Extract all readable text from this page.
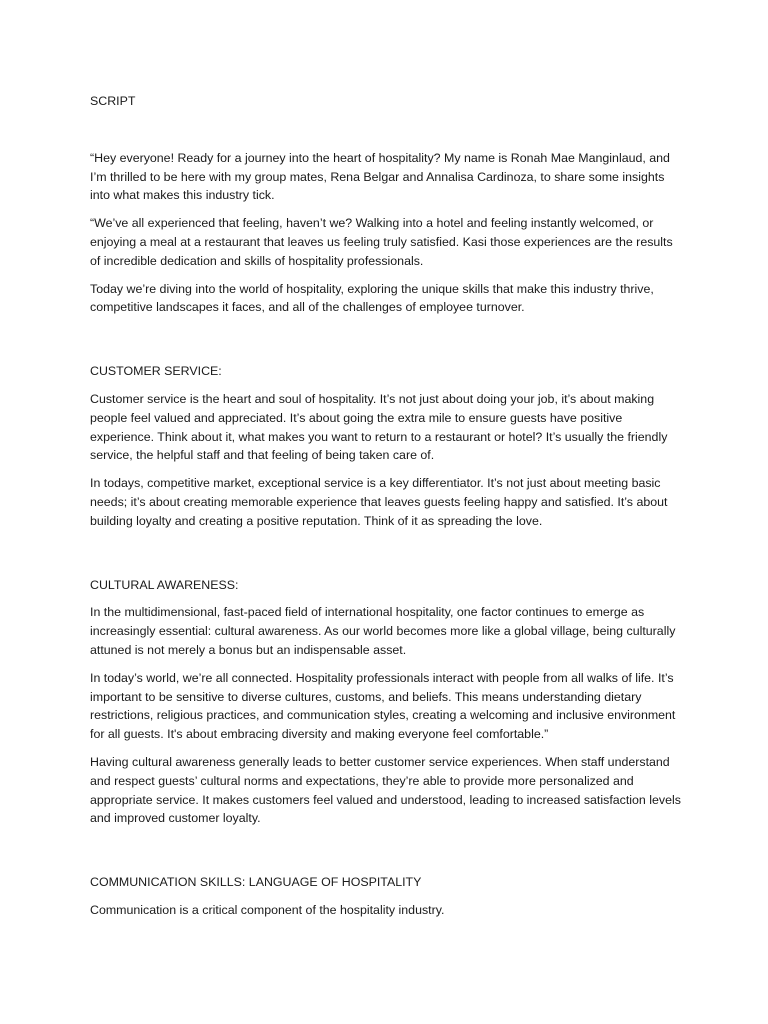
SCRIPT

“Hey everyone! Ready for a journey into the heart of hospitality? My name is Ronah Mae Manginlaud, and I’m thrilled to be here with my group mates, Rena Belgar and Annalisa Cardinoza, to share some insights into what makes this industry tick.

“We’ve all experienced that feeling, haven’t we? Walking into a hotel and feeling instantly welcomed, or enjoying a meal at a restaurant that leaves us feeling truly satisfied. Kasi those experiences are the results of incredible dedication and skills of hospitality professionals.

Today we’re diving into the world of hospitality, exploring the unique skills that make this industry thrive, competitive landscapes it faces, and all of the challenges of employee turnover.

CUSTOMER SERVICE:

Customer service is the heart and soul of hospitality. It’s not just about doing your job, it’s about making people feel valued and appreciated. It’s about going the extra mile to ensure guests have positive experience. Think about it, what makes you want to return to a restaurant or hotel? It’s usually the friendly service, the helpful staff and that feeling of being taken care of.

In todays, competitive market, exceptional service is a key differentiator. It’s not just about meeting basic needs; it’s about creating memorable experience that leaves guests feeling happy and satisfied. It’s about building loyalty and creating a positive reputation. Think of it as spreading the love.

CULTURAL AWARENESS:

In the multidimensional, fast-paced field of international hospitality, one factor continues to emerge as increasingly essential: cultural awareness. As our world becomes more like a global village, being culturally attuned is not merely a bonus but an indispensable asset.

In today’s world, we’re all connected. Hospitality professionals interact with people from all walks of life. It’s important to be sensitive to diverse cultures, customs, and beliefs. This means understanding dietary restrictions, religious practices, and communication styles, creating a welcoming and inclusive environment for all guests. It's about embracing diversity and making everyone feel comfortable.”

Having cultural awareness generally leads to better customer service experiences. When staff understand and respect guests’ cultural norms and expectations, they’re able to provide more personalized and appropriate service. It makes customers feel valued and understood, leading to increased satisfaction levels and improved customer loyalty.

COMMUNICATION SKILLS: LANGUAGE OF HOSPITALITY

Communication is a critical component of the hospitality industry.
